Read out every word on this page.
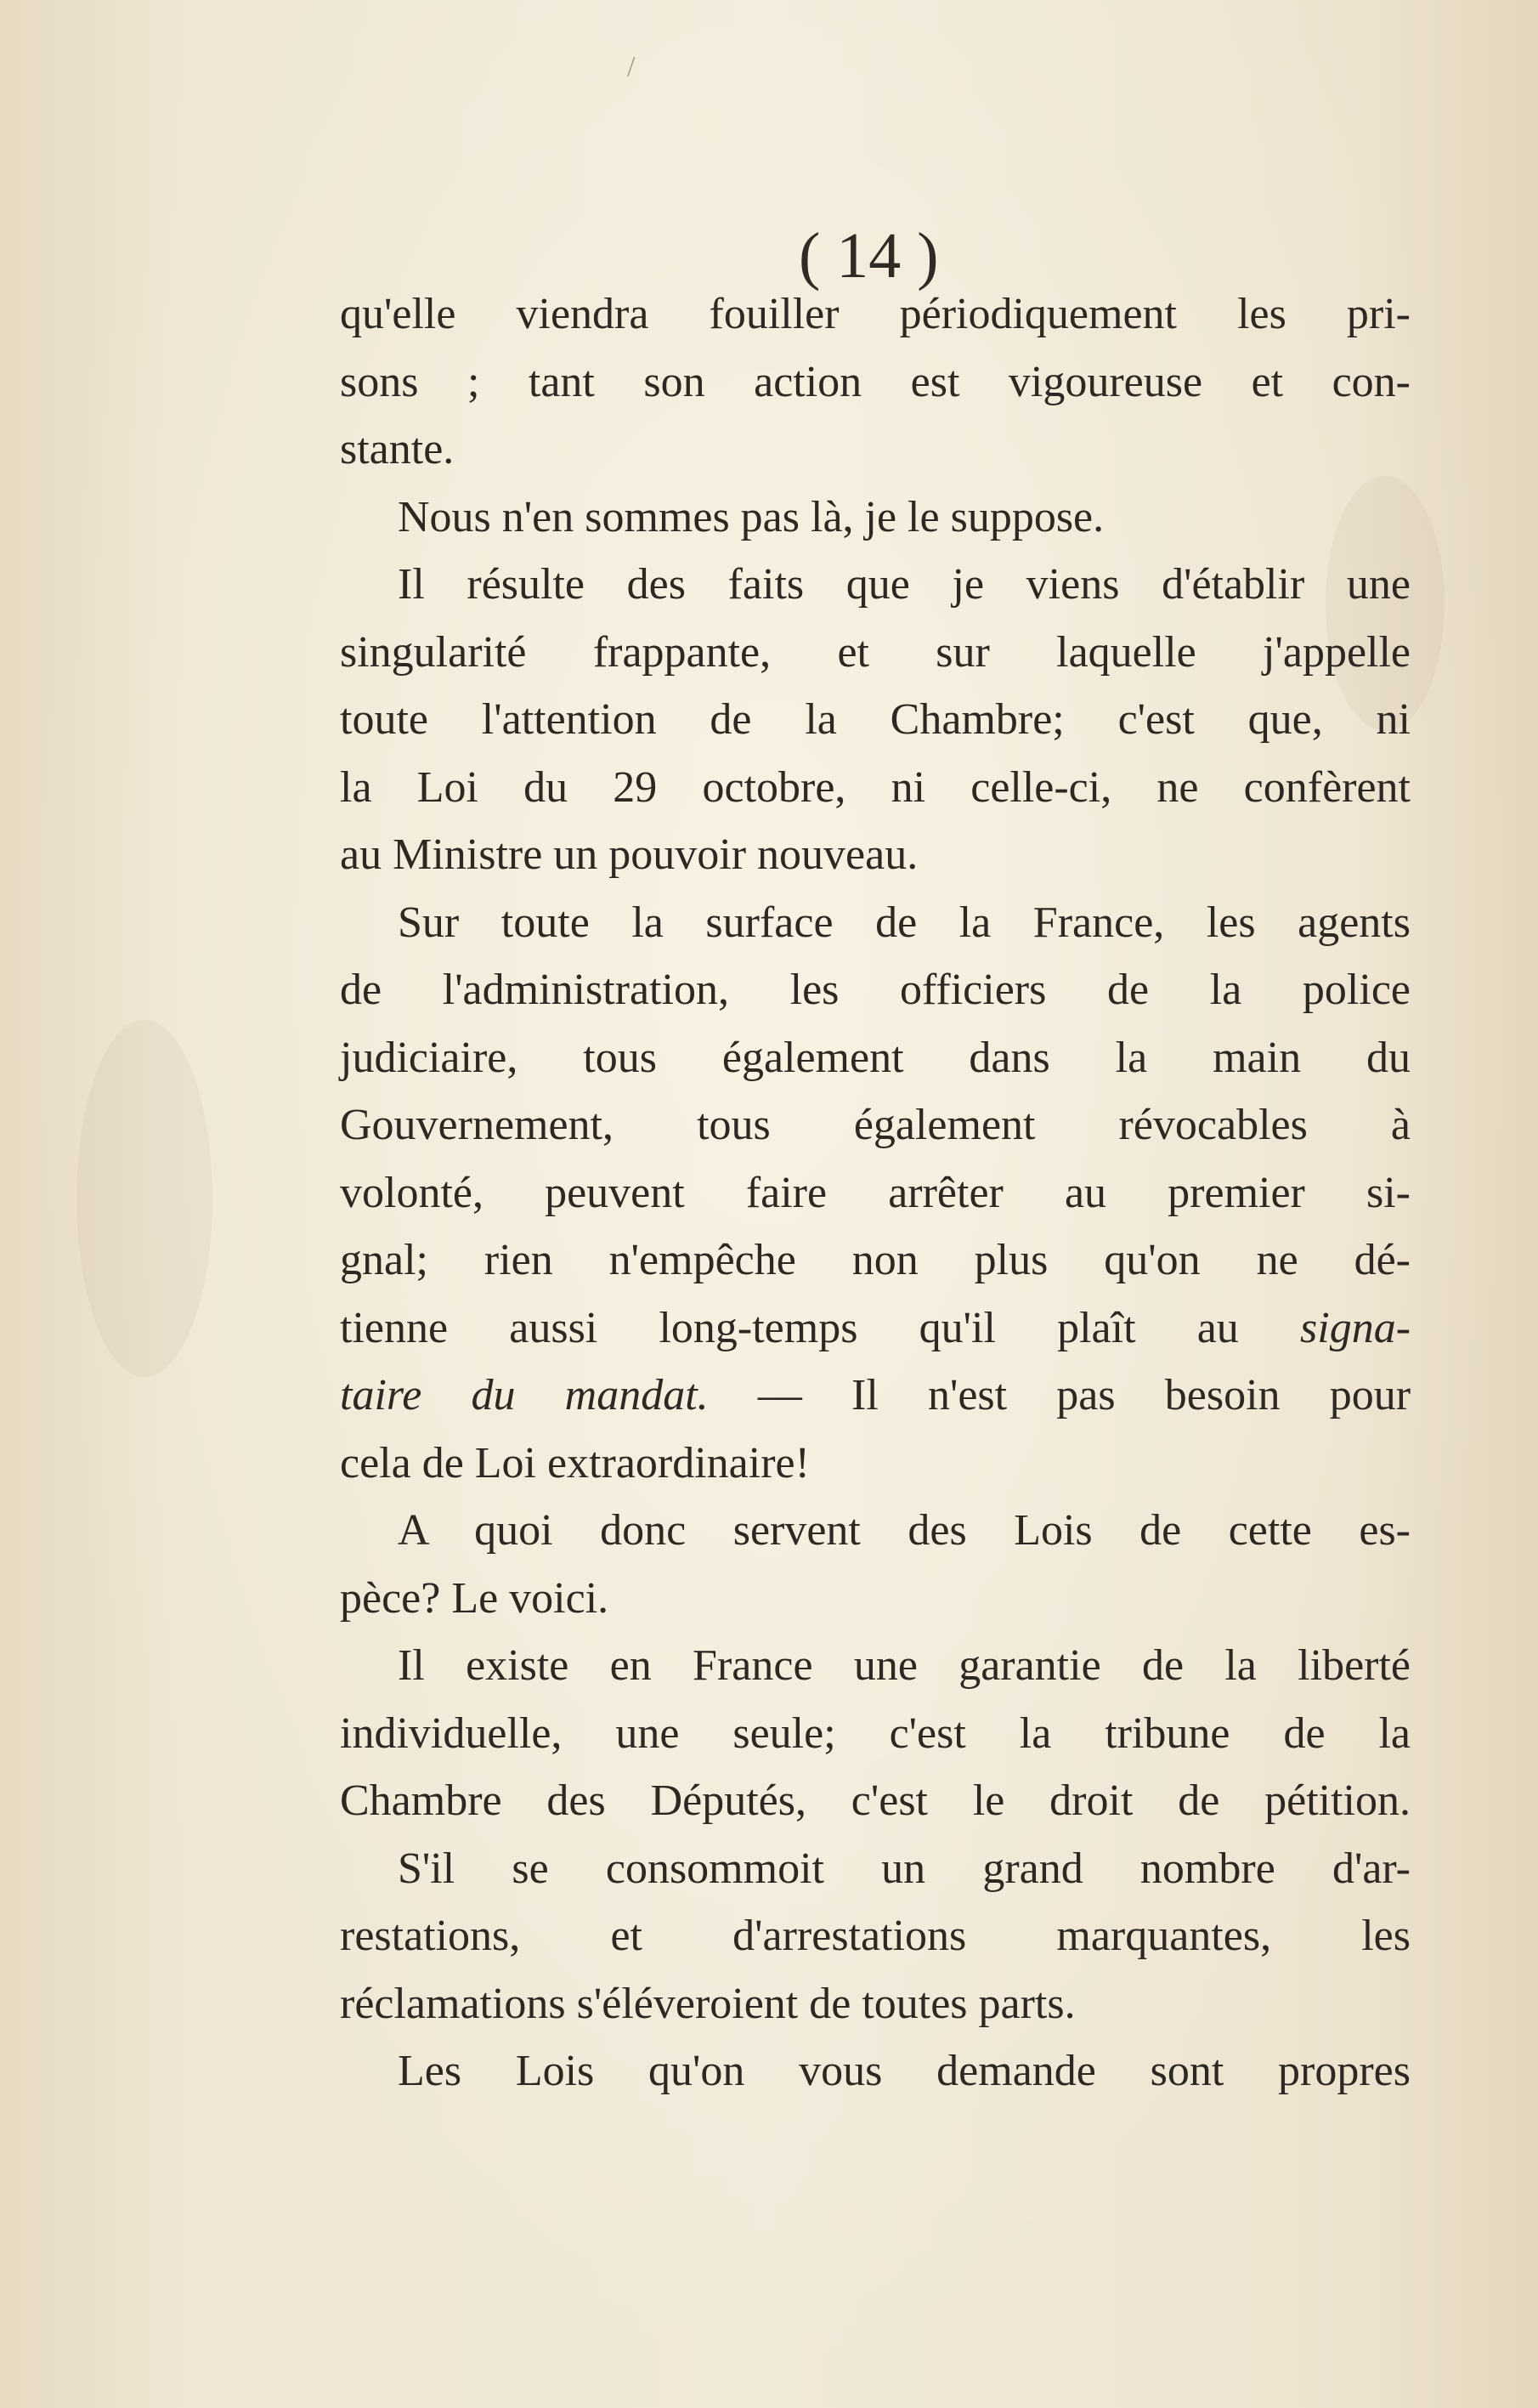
/
( 14 )
qu'elle viendra fouiller périodiquement les pri-
sons ; tant son action est vigoureuse et con-
stante.
Nous n'en sommes pas là, je le suppose.
Il résulte des faits que je viens d'établir une
singularité frappante, et sur laquelle j'appelle
toute l'attention de la Chambre; c'est que, ni
la Loi du 29 octobre, ni celle-ci, ne confèrent
au Ministre un pouvoir nouveau.
Sur toute la surface de la France, les agents
de l'administration, les officiers de la police
judiciaire, tous également dans la main du
Gouvernement, tous également révocables à
volonté, peuvent faire arrêter au premier si-
gnal; rien n'empêche non plus qu'on ne dé-
tienne aussi long-temps qu'il plaît au signa-
taire du mandat. — Il n'est pas besoin pour
cela de Loi extraordinaire!
A quoi donc servent des Lois de cette es-
pèce? Le voici.
Il existe en France une garantie de la liberté
individuelle, une seule; c'est la tribune de la
Chambre des Députés, c'est le droit de pétition.
S'il se consommoit un grand nombre d'ar-
restations, et d'arrestations marquantes, les
réclamations s'éléveroient de toutes parts.
Les Lois qu'on vous demande sont propres
